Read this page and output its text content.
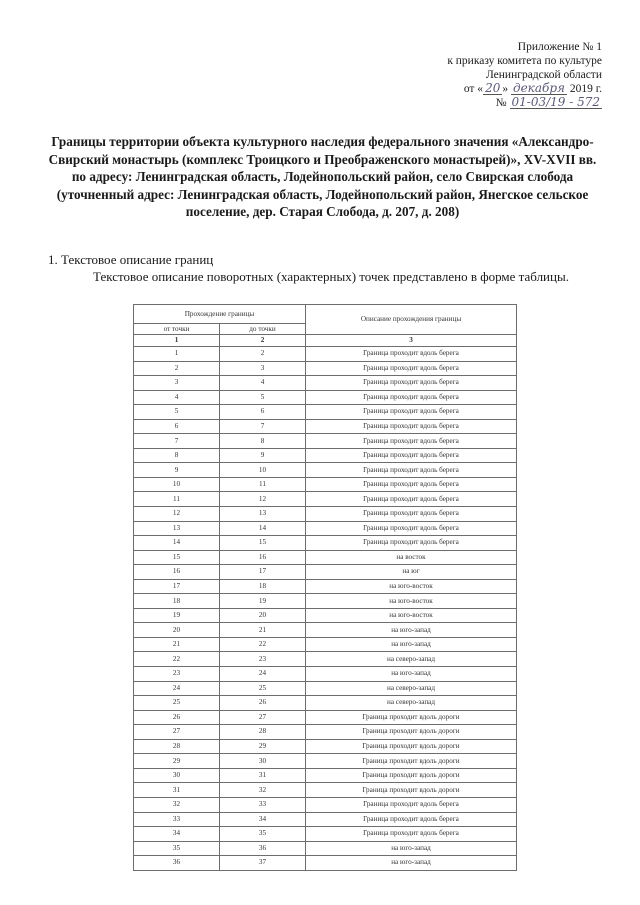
Приложение № 1
к приказу комитета по культуре
Ленинградской области
от « 20 » декабря 2019 г.
№ 01-03/19 - 572
Границы территории объекта культурного наследия федерального значения «Александро-Свирский монастырь (комплекс Троицкого и Преображенского монастырей)», XV-XVII вв. по адресу: Ленинградская область, Лодейнопольский район, село Свирская слобода (уточненный адрес: Ленинградская область, Лодейнопольский район, Янегское сельское поселение, дер. Старая Слобода, д. 207, д. 208)
1. Текстовое описание границ
Текстовое описание поворотных (характерных) точек представлено в форме таблицы.
Прохождение границы		Описание прохождения границы
от точки	до точки	
1	2	3
1	2	Граница проходит вдоль берега
2	3	Граница проходит вдоль берега
3	4	Граница проходит вдоль берега
4	5	Граница проходит вдоль берега
5	6	Граница проходит вдоль берега
6	7	Граница проходит вдоль берега
7	8	Граница проходит вдоль берега
8	9	Граница проходит вдоль берега
9	10	Граница проходит вдоль берега
10	11	Граница проходит вдоль берега
11	12	Граница проходит вдоль берега
12	13	Граница проходит вдоль берега
13	14	Граница проходит вдоль берега
14	15	Граница проходит вдоль берега
15	16	на восток
16	17	на юг
17	18	на юго-восток
18	19	на юго-восток
19	20	на юго-восток
20	21	на юго-запад
21	22	на юго-запад
22	23	на северо-запад
23	24	на юго-запад
24	25	на северо-запад
25	26	на северо-запад
26	27	Граница проходит вдоль дороги
27	28	Граница проходит вдоль дороги
28	29	Граница проходит вдоль дороги
29	30	Граница проходит вдоль дороги
30	31	Граница проходит вдоль дороги
31	32	Граница проходит вдоль дороги
32	33	Граница проходит вдоль берега
33	34	Граница проходит вдоль берега
34	35	Граница проходит вдоль берега
35	36	на юго-запад
36	37	на юго-запад
